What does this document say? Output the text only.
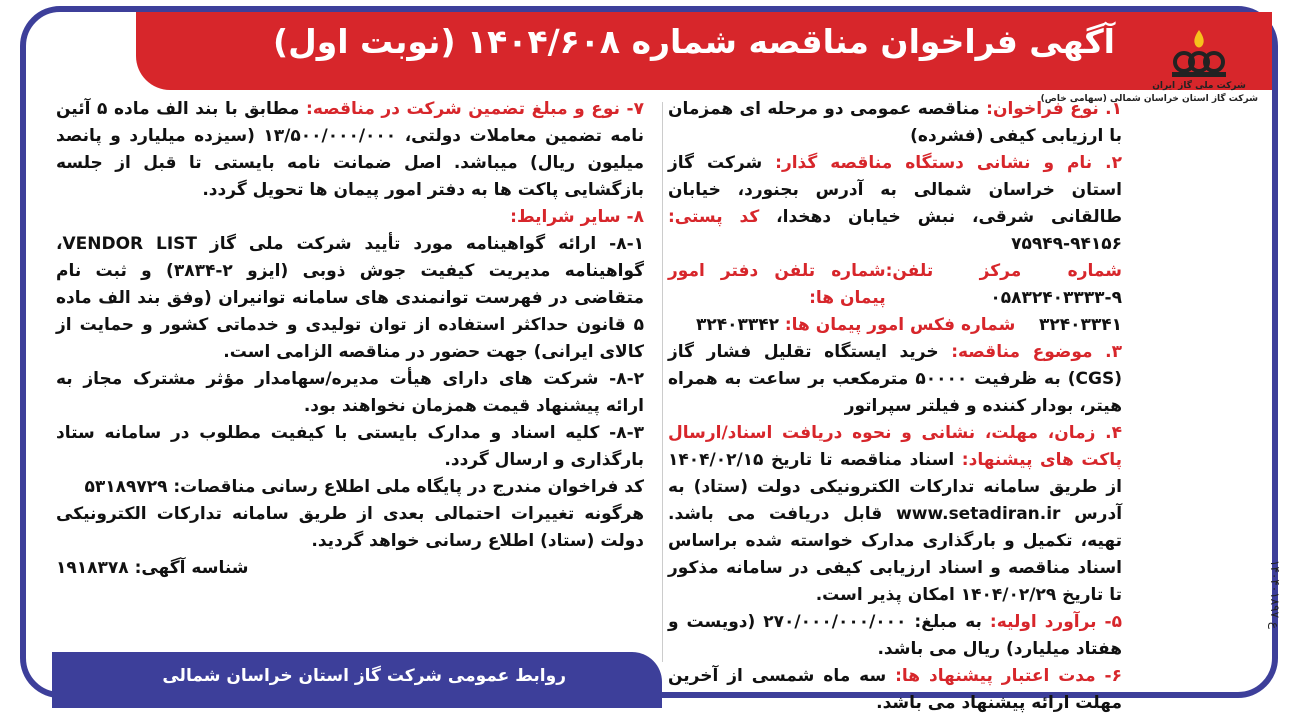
آگهی فراخوان مناقصه شماره ۱۴۰۴/۶۰۸ (نوبت اول)
شرکت ملی گاز ایران
شرکت گاز استان خراسان شمالی (سهامی خاص)

۱. نوع فراخوان: مناقصه عمومی دو مرحله ای همزمان با ارزیابی کیفی (فشرده)

۲. نام و نشانی دستگاه مناقصه گذار: شرکت گاز استان خراسان شمالی به آدرس بجنورد، خیابان طالقانی شرقی، نبش خیابان دهخدا، کد پستی: ۹۴۱۵۶-۷۵۹۴۹

شماره مرکز تلفن: ۹-۰۵۸۳۲۴۰۳۳۳۳
شماره تلفن دفتر امور پیمان ها:

۳۲۴۰۳۳۴۱    شماره فکس امور پیمان ها: ۳۲۴۰۳۳۴۲

۳. موضوع مناقصه: خرید ایستگاه تقلیل فشار گاز (CGS) به ظرفیت ۵۰۰۰۰ مترمکعب بر ساعت به همراه هیتر، بودار کننده و فیلتر سپراتور

۴. زمان، مهلت، نشانی و نحوه دریافت اسناد/ارسال پاکت های پیشنهاد: اسناد مناقصه تا تاریخ ۱۴۰۴/۰۲/۱۵ از طریق سامانه تدارکات الکترونیکی دولت (ستاد) به آدرس www.setadiran.ir قابل دریافت می باشد. تهیه، تکمیل و بارگذاری مدارک خواسته شده براساس اسناد مناقصه و اسناد ارزیابی کیفی در سامانه مذکور تا تاریخ ۱۴۰۴/۰۲/۲۹ امکان پذیر است.

۵- برآورد اولیه: به مبلغ: ۲۷۰/۰۰۰/۰۰۰/۰۰۰ (دویست و هفتاد میلیارد) ریال می باشد.

۶- مدت اعتبار پیشنهاد ها: سه ماه شمسی از آخرین مهلت ارائه پیشنهاد می باشد.

۷- نوع و مبلغ تضمین شرکت در مناقصه: مطابق با بند الف ماده ۵ آئین نامه تضمین معاملات دولتی، ۱۳/۵۰۰/۰۰۰/۰۰۰ (سیزده میلیارد و پانصد میلیون ریال) میباشد. اصل ضمانت نامه بایستی تا قبل از جلسه بازگشایی پاکت ها به دفتر امور پیمان ها تحویل گردد.

۸- سایر شرایط:

۸-۱- ارائه گواهینامه مورد تأیید شرکت ملی گاز VENDOR LIST، گواهینامه مدیریت کیفیت جوش ذوبی (ایزو ۲-۳۸۳۴) و ثبت نام متقاضی در فهرست توانمندی های سامانه توانیران (وفق بند الف ماده ۵ قانون حداکثر استفاده از توان تولیدی و خدماتی کشور و حمایت از کالای ایرانی) جهت حضور در مناقصه الزامی است.

۸-۲- شرکت های دارای هیأت مدیره/سهامدار مؤثر مشترک مجاز به ارائه پیشنهاد قیمت همزمان نخواهند بود.

۸-۳- کلیه اسناد و مدارک بایستی با کیفیت مطلوب در سامانه ستاد بارگذاری و ارسال گردد.

کد فراخوان مندرج در پایگاه ملی اطلاع رسانی مناقصات: ۵۳۱۸۹۷۲۹

هرگونه تغییرات احتمالی بعدی از طریق سامانه تدارکات الکترونیکی دولت (ستاد) اطلاع رسانی خواهد گردید.

شناسه آگهی: ۱۹۱۸۳۷۸

روابط عمومی شرکت گاز استان خراسان شمالی
ع ۱۴۰۴۰۱۸۹۷
